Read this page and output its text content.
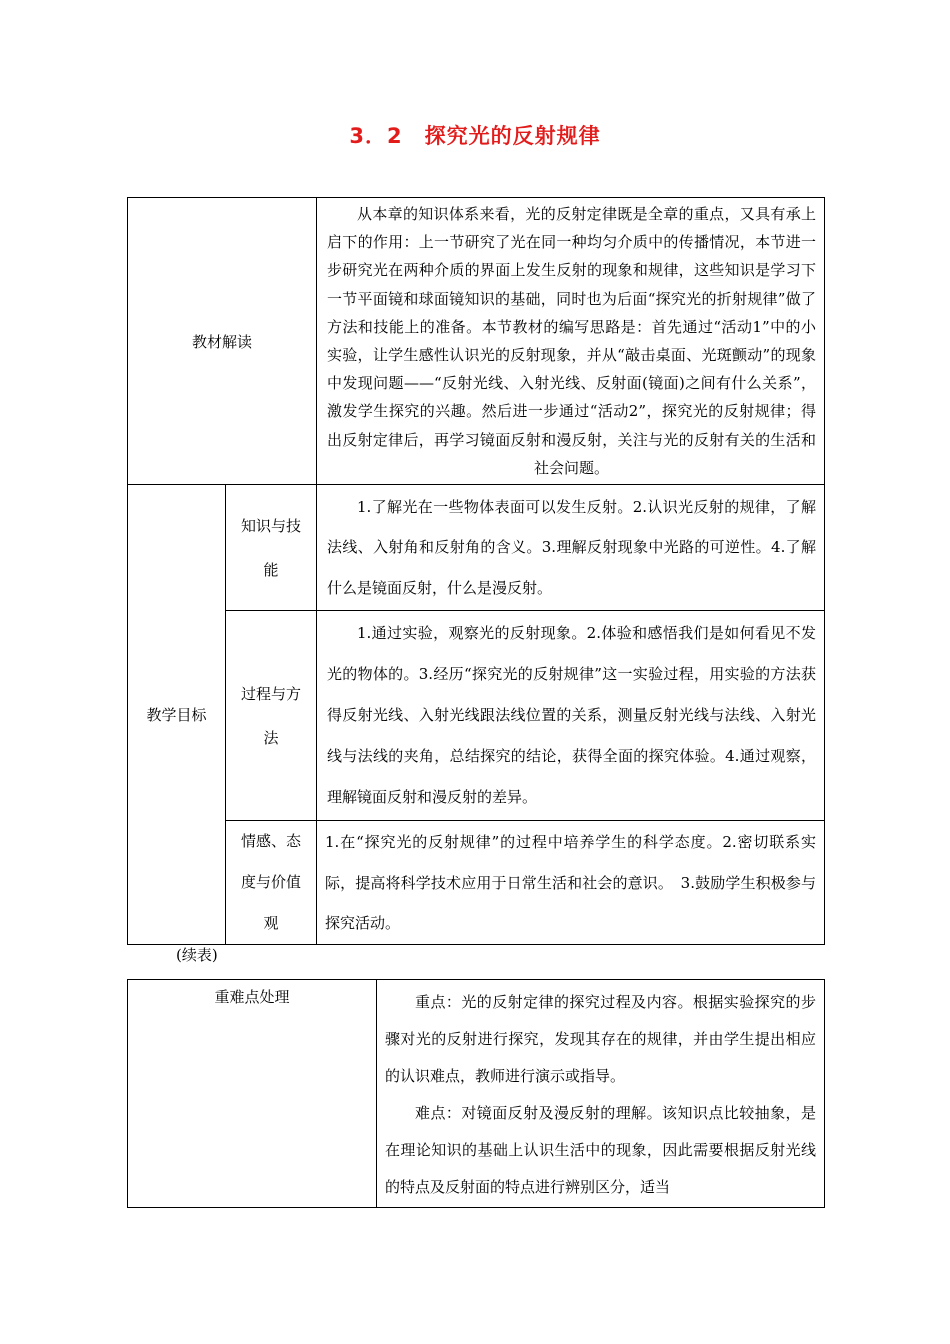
3．2　探究光的反射规律
教材解读		从本章的知识体系来看，光的反射定律既是全章的重点，又具有承上启下的作用：上一节研究了光在同一种均匀介质中的传播情况，本节进一步研究光在两种介质的界面上发生反射的现象和规律，这些知识是学习下一节平面镜和球面镜知识的基础，同时也为后面“探究光的折射规律”做了方法和技能上的准备。本节教材的编写思路是：首先通过“活动1”中的小实验，让学生感性认识光的反射现象，并从“敲击桌面、光斑颤动”的现象中发现问题——“反射光线、入射光线、反射面(镜面)之间有什么关系”，激发学生探究的兴趣。然后进一步通过“活动2”，探究光的反射规律；得出反射定律后，再学习镜面反射和漫反射，关注与光的反射有关的生活和社会问题。
教学目标	知识与技能	1.了解光在一些物体表面可以发生反射。2.认识光反射的规律，了解法线、入射角和反射角的含义。3.理解反射现象中光路的可逆性。4.了解什么是镜面反射，什么是漫反射。
	过程与方法	1.通过实验，观察光的反射现象。2.体验和感悟我们是如何看见不发光的物体的。3.经历“探究光的反射规律”这一实验过程，用实验的方法获得反射光线、入射光线跟法线位置的关系，测量反射光线与法线、入射光线与法线的夹角，总结探究的结论，获得全面的探究体验。4.通过观察，理解镜面反射和漫反射的差异。
	情感、态度与价值观	1.在“探究光的反射规律”的过程中培养学生的科学态度。2.密切联系实际，提高将科学技术应用于日常生活和社会的意识。　3.鼓励学生积极参与探究活动。
(续表)
重难点处理	重点：光的反射定律的探究过程及内容。根据实验探究的步骤对光的反射进行探究，发现其存在的规律，并由学生提出相应的认识难点，教师进行演示或指导。

难点：对镜面反射及漫反射的理解。该知识点比较抽象，是在理论知识的基础上认识生活中的现象，因此需要根据反射光线的特点及反射面的特点进行辨别区分，适当
